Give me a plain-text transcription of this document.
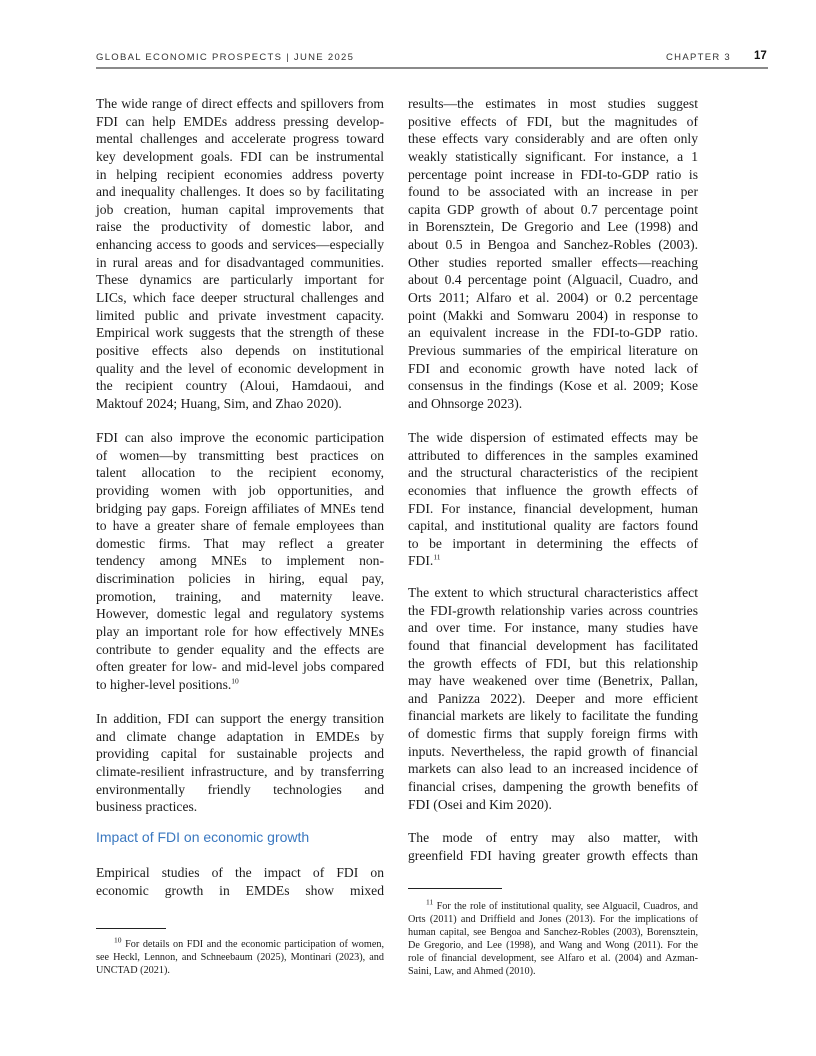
GLOBAL ECONOMIC PROSPECTS | JUNE 2025	CHAPTER 3 17
The wide range of direct effects and spillovers from
FDI can help EMDEs address pressing develop-
mental challenges and accelerate progress toward
key development goals. FDI can be instrumental
in helping recipient economies address poverty
and inequality challenges. It does so by facilitating
job creation, human capital improvements that
raise the productivity of domestic labor, and
enhancing access to goods and services—especially
in rural areas and for disadvantaged communities.
These dynamics are particularly important for
LICs, which face deeper structural challenges and
limited public and private investment capacity.
Empirical work suggests that the strength of these
positive effects also depends on institutional
quality and the level of economic development in
the recipient country (Aloui, Hamdaoui, and
Maktouf 2024; Huang, Sim, and Zhao 2020).
FDI can also improve the economic participation
of women—by transmitting best practices on
talent allocation to the recipient economy,
providing women with job opportunities, and
bridging pay gaps. Foreign affiliates of MNEs tend
to have a greater share of female employees than
domestic firms. That may reflect a greater
tendency among MNEs to implement non-
discrimination policies in hiring, equal pay,
promotion, training, and maternity leave.
However, domestic legal and regulatory systems
play an important role for how effectively MNEs
contribute to gender equality and the effects are
often greater for low- and mid-level jobs compared
to higher-level positions.$^{10}$
In addition, FDI can support the energy transition
and climate change adaptation in EMDEs by
providing capital for sustainable projects and
climate-resilient infrastructure, and by transferring
environmentally friendly technologies and
business practices.
Impact of FDI on economic growth
Empirical studies of the impact of FDI on
economic growth in EMDEs show mixed
results—the estimates in most studies suggest
positive effects of FDI, but the magnitudes of
these effects vary considerably and are often only
weakly statistically significant. For instance, a 1
percentage point increase in FDI-to-GDP ratio is
found to be associated with an increase in per
capita GDP growth of about 0.7 percentage point
in Borensztein, De Gregorio and Lee (1998) and
about 0.5 in Bengoa and Sanchez-Robles (2003).
Other studies reported smaller effects—reaching
about 0.4 percentage point (Alguacil, Cuadro, and
Orts 2011; Alfaro et al. 2004) or 0.2 percentage
point (Makki and Somwaru 2004) in response to
an equivalent increase in the FDI-to-GDP ratio.
Previous summaries of the empirical literature on
FDI and economic growth have noted lack of
consensus in the findings (Kose et al. 2009; Kose
and Ohnsorge 2023).
The wide dispersion of estimated effects may be
attributed to differences in the samples examined
and the structural characteristics of the recipient
economies that influence the growth effects of
FDI. For instance, financial development, human
capital, and institutional quality are factors found
to be important in determining the effects of
FDI.$^{11}$
The extent to which structural characteristics affect
the FDI-growth relationship varies across countries
and over time. For instance, many studies have
found that financial development has facilitated
the growth effects of FDI, but this relationship
may have weakened over time (Benetrix, Pallan,
and Panizza 2022). Deeper and more efficient
financial markets are likely to facilitate the funding
of domestic firms that supply foreign firms with
inputs. Nevertheless, the rapid growth of financial
markets can also lead to an increased incidence of
financial crises, dampening the growth benefits of
FDI (Osei and Kim 2020).
The mode of entry may also matter, with
greenfield FDI having greater growth effects than
$^{10}$ For details on FDI and the economic participation of women,
see Heckl, Lennon, and Schneebaum (2025), Montinari (2023), and
UNCTAD (2021).
$^{11}$ For the role of institutional quality, see Alguacil, Cuadros, and
Orts (2011) and Driffield and Jones (2013). For the implications of
human capital, see Bengoa and Sanchez-Robles (2003), Borensztein,
De Gregorio, and Lee (1998), and Wang and Wong (2011). For the
role of financial development, see Alfaro et al. (2004) and Azman-
Saini, Law, and Ahmed (2010).
